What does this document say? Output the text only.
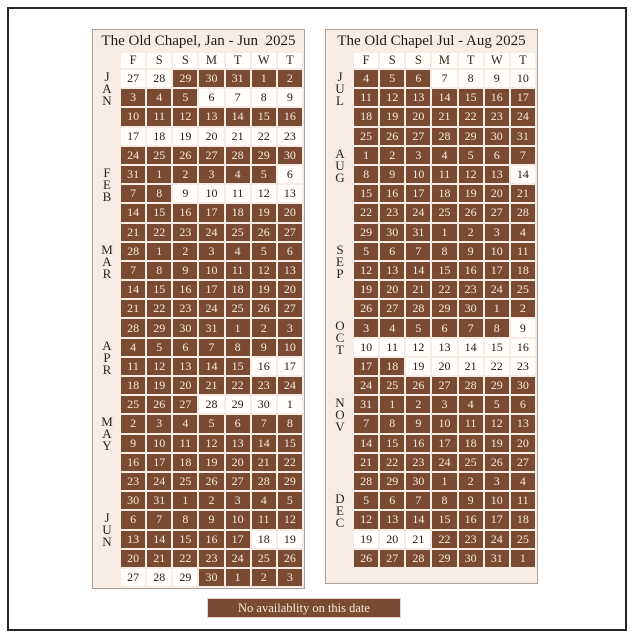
The Old Chapel, Jan - Jun  2025
F	S	S	M	T	W	T
J
A
N
27	28	29	30	31	1	2
3	4	5	6	7	8	9
10	11	12	13	14	15	16
17	18	19	20	21	22	23
24	25	26	27	28	29	30
F
E
B
31	1	2	3	4	5	6
7	8	9	10	11	12	13
14	15	16	17	18	19	20
21	22	23	24	25	26	27
M
A
R
28	1	2	3	4	5	6
7	8	9	10	11	12	13
14	15	16	17	18	19	20
21	22	23	24	25	26	27
28	29	30	31	1	2	3
A
P
R
4	5	6	7	8	9	10
11	12	13	14	15	16	17
18	19	20	21	22	23	24
25	26	27	28	29	30	1
M
A
Y
2	3	4	5	6	7	8
9	10	11	12	13	14	15
16	17	18	19	20	21	22
23	24	25	26	27	28	29
30	31	1	2	3	4	5
J
U
N
6	7	8	9	10	11	12
13	14	15	16	17	18	19
20	21	22	23	24	25	26
27	28	29	30	1	2	3
The Old Chapel Jul - Aug 2025
F	S	S	M	T	W	T
J
U
L
4	5	6	7	8	9	10
11	12	13	14	15	16	17
18	19	20	21	22	23	24
25	26	27	28	29	30	31
A
U
G
1	2	3	4	5	6	7
8	9	10	11	12	13	14
15	16	17	18	19	20	21
22	23	24	25	26	27	28
29	30	31	1	2	3	4
S
E
P
5	6	7	8	9	10	11
12	13	14	15	16	17	18
19	20	21	22	23	24	25
26	27	28	29	30	1	2
O
C
T
3	4	5	6	7	8	9
10	11	12	13	14	15	16
17	18	19	20	21	22	23
24	25	26	27	28	29	30
N
O
V
31	1	2	3	4	5	6
7	8	9	10	11	12	13
14	15	16	17	18	19	20
21	22	23	24	25	26	27
28	29	30	1	2	3	4
D
E
C
5	6	7	8	9	10	11
12	13	14	15	16	17	18
19	20	21	22	23	24	25
26	27	28	29	30	31	1
No availablity on this date
